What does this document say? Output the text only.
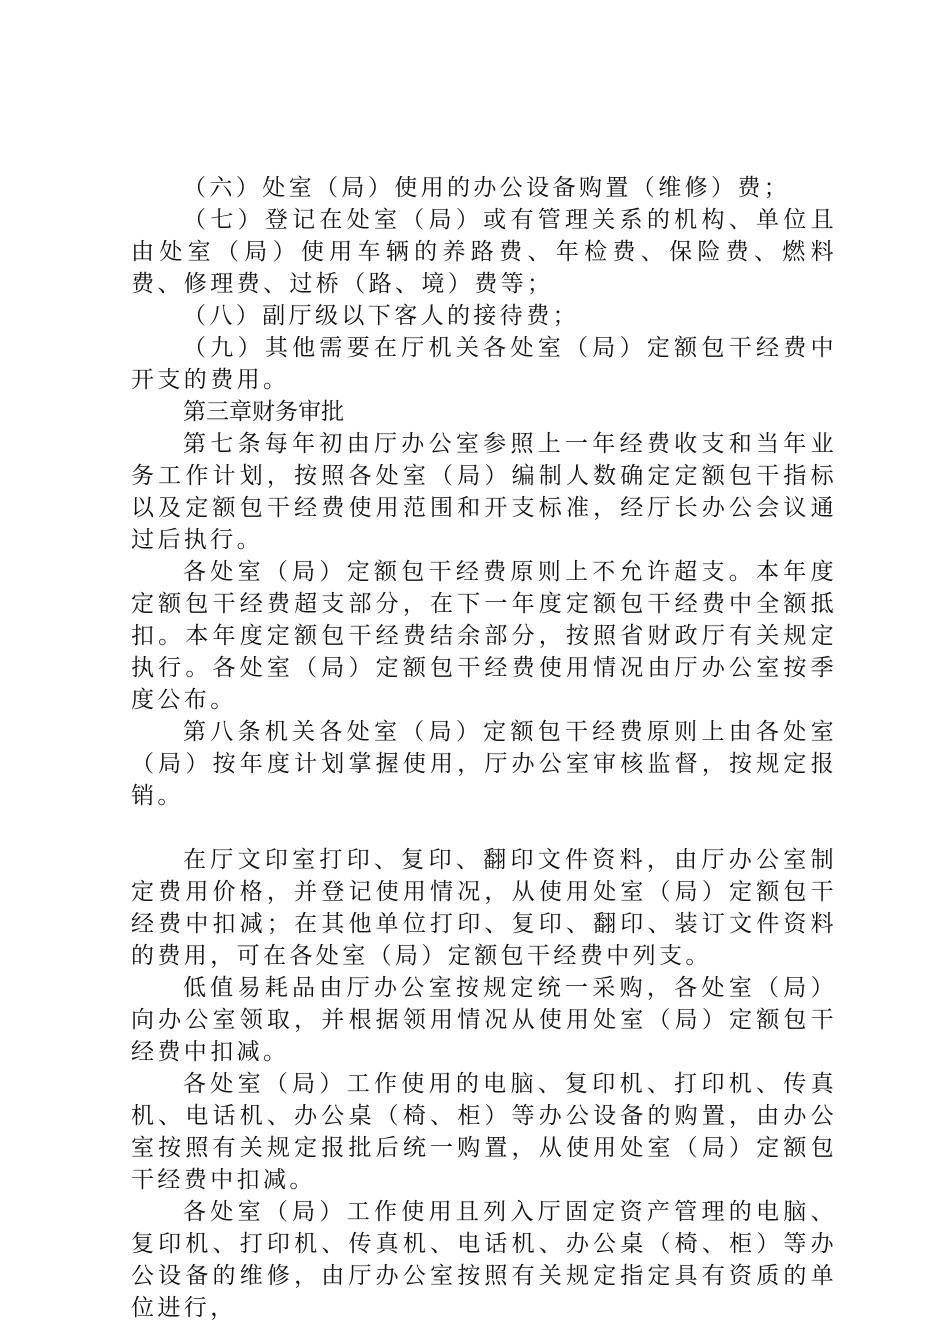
（六）处室（局）使用的办公设备购置（维修）费；

（七）登记在处室（局）或有管理关系的机构、单位且由处室（局）使用车辆的养路费、年检费、保险费、燃料费、修理费、过桥（路、境）费等；

（八）副厅级以下客人的接待费；

（九）其他需要在厅机关各处室（局）定额包干经费中开支的费用。

第三章财务审批

第七条每年初由厅办公室参照上一年经费收支和当年业务工作计划，按照各处室（局）编制人数确定定额包干指标以及定额包干经费使用范围和开支标准，经厅长办公会议通过后执行。

各处室（局）定额包干经费原则上不允许超支。本年度定额包干经费超支部分，在下一年度定额包干经费中全额抵扣。本年度定额包干经费结余部分，按照省财政厅有关规定执行。各处室（局）定额包干经费使用情况由厅办公室按季度公布。

第八条机关各处室（局）定额包干经费原则上由各处室（局）按年度计划掌握使用，厅办公室审核监督，按规定报销。

在厅文印室打印、复印、翻印文件资料，由厅办公室制定费用价格，并登记使用情况，从使用处室（局）定额包干经费中扣减；在其他单位打印、复印、翻印、装订文件资料的费用，可在各处室（局）定额包干经费中列支。

低值易耗品由厅办公室按规定统一采购，各处室（局）向办公室领取，并根据领用情况从使用处室（局）定额包干经费中扣减。

各处室（局）工作使用的电脑、复印机、打印机、传真机、电话机、办公桌（椅、柜）等办公设备的购置，由办公室按照有关规定报批后统一购置，从使用处室（局）定额包干经费中扣减。

各处室（局）工作使用且列入厅固定资产管理的电脑、复印机、打印机、传真机、电话机、办公桌（椅、柜）等办公设备的维修，由厅办公室按照有关规定指定具有资质的单位进行，
